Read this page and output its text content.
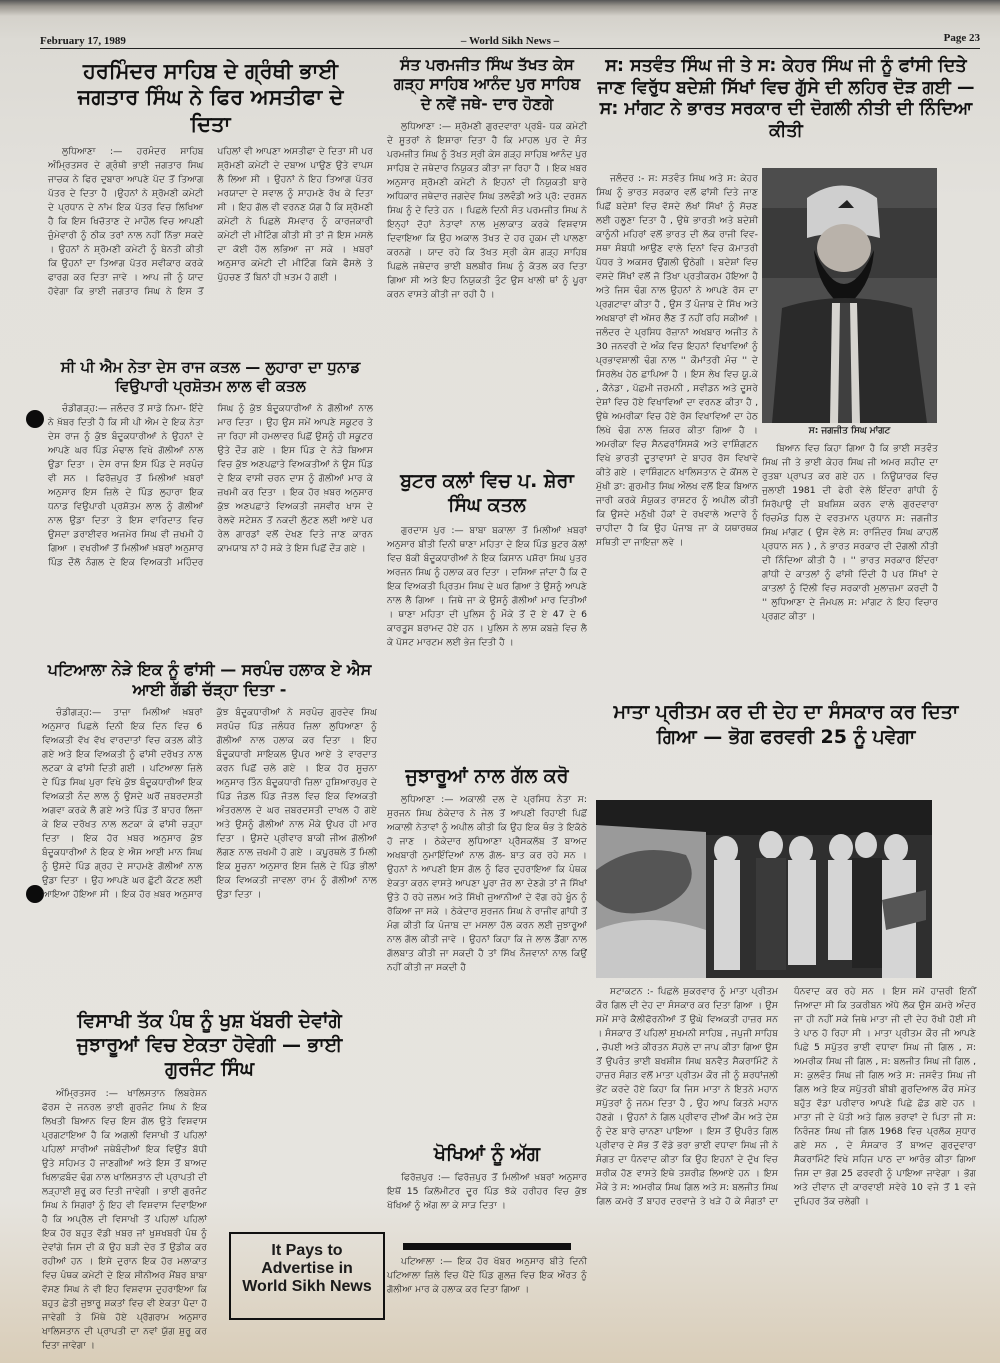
February 17, 1989	– World Sikh News –	Page 23
ਹਰਮਿੰਦਰ ਸਾਹਿਬ ਦੇ ਗ੍ਰੰਥੀ ਭਾਈ ਜਗਤਾਰ ਸਿੰਘ ਨੇ ਫਿਰ ਅਸਤੀਫਾ ਦੇ ਦਿਤਾ

ਲੁਧਿਆਣਾ :— ਹਰਮੰਦਰ ਸਾਹਿਬ ਅੰਮ੍ਰਿਤਸਰ ਦੇ ਗ੍ਰੰਥੀ ਭਾਈ ਜਗਤਾਰ ਸਿਘ ਜਾਚਕ ਨੇ ਫਿਰ ਦੁਬਾਰਾ ਆਪਣੇ ਪੱਦ ਤੋਂ ਤਿਆਗ ਪੱਤਰ ਦੇ ਦਿਤਾ ਹੈ ।ਉਹਨਾਂ ਨੇ ਸ਼੍ਰੋਮਣੀ ਕਮੇਟੀ ਦੇ ਪ੍ਰਧਾਨ ਦੇ ਨਾਂਮ ਇਕ ਪੱਤਰ ਵਿਚ ਲਿਖਿਆ ਹੈ ਕਿ ਇਸ ਖਿਚੋਤਾਣ ਦੇ ਮਾਹੌਲ ਵਿਚ ਆਪਣੀ ਜ਼ੁੰਮੇਵਾਰੀ ਨੂੰ ਠੀਕ ਤਰਾਂ ਨਾਲ ਨਹੀਂ ਨਿੱਭਾ ਸਕਦੇ । ਉਹਨਾਂ ਨੇ ਸ਼੍ਰੋਮਣੀ ਕਮੇਟੀ ਨੂੰ ਬੇਨਤੀ ਕੀਤੀ ਕਿ ਉਹਨਾਂ ਦਾ ਤਿਆਗ ਪੱਤਰ ਸਵੀਕਾਰ ਕਰਕੇ ਫਾਰਗ ਕਰ ਦਿਤਾ ਜਾਵੇ । ਆਪ ਜੀ ਨੂੰ ਯਾਦ ਹੋਵੇਗਾ ਕਿ ਭਾਈ ਜਗਤਾਰ ਸਿਘ ਨੇ ਇਸ ਤੋਂ ਪਹਿਲਾਂ ਵੀ ਆਪਣਾ ਅਸਤੀਫਾ ਦੇ ਦਿਤਾ ਸੀ ਪਰ ਸ਼੍ਰੋਮਣੀ ਕਮੇਟੀ ਦੇ ਦਬਾਅ ਪਾਉਣ ਉਤੇ ਵਾਪਸ ਲੈ ਲਿਆ ਸੀ । ਉਹਨਾਂ ਨੇ ਇਹ ਤਿਆਗ ਪੱਤਰ ਮਰਯਾਦਾ ਦੇ ਸਵਾਲ ਨੂੰ ਸਾਹਮਣੇ ਰੱਖ ਕੇ ਦਿਤਾ ਸੀ । ਇਹ ਗੱਲ ਵੀ ਵਰਨਣ ਯੋਗ ਹੈ ਕਿ ਸ਼੍ਰੋਮਣੀ ਕਮੇਟੀ ਨੇ ਪਿਛਲੇ ਸੋਮਵਾਰ ਨੂੰ ਕਾਰਜਕਾਰੀ ਕਮੇਟੀ ਦੀ ਮੀਟਿੰਗ ਕੀਤੀ ਸੀ ਤਾਂ ਜੋ ਇਸ ਮਸਲੇ ਦਾ ਕੋਈ ਹੱਲ ਲਭਿਆ ਜਾ ਸਕੇ । ਖ਼ਬਰਾਂ ਅਨੁਸਾਰ ਕਮੇਟੀ ਦੀ ਮੀਟਿੰਗ ਕਿਸੇ ਫੈਸਲੇ ਤੇ ਪੁੱਹਚਣ ਤੋਂ ਬਿਨਾਂ ਹੀ ਖ਼ਤਮ ਹੋ ਗਈ ।

ਸੀ ਪੀ ਐਮ ਨੇਤਾ ਦੇਸ ਰਾਜ ਕਤਲ — ਲੁਹਾਰਾ ਦਾ ਧੁਨਾਡ ਵਿਉਪਾਰੀ ਪ੍ਰਸ਼ੋਤਮ ਲਾਲ ਵੀ ਕਤਲ

ਚੰਡੀਗੜ੍ਹ:— ਜਲੰਦਰ ਤੋਂ ਸਾਡੇ ਨਿਮਾ- ਇੰਦੇ ਨੇ ਖ਼ੱਬਰ ਦਿਤੀ ਹੈ ਕਿ ਸੀ ਪੀ ਐਮ ਦੇ ਇਕ ਨੇਤਾ ਦੇਸ ਰਾਜ ਨੂੰ ਕੁੱਝ ਬੰਦੂਕਧਾਰੀਆਂ ਨੇ ਉਹਨਾਂ ਦੇ ਆਪਣੇ ਘਰ ਪਿੰਡ ਮੰਢਾਲ ਵਿਖੇ ਗੋਲੀਆਂ ਨਾਲ ਉਡਾ ਦਿਤਾ । ਦੇਸ ਰਾਜ ਇਸ ਪਿੰਡ ਦੇ ਸਰਪੰਚ ਵੀ ਸਨ । ਫਿਰੋਜ਼ਪੁਰ ਤੋਂ ਮਿਲੀਆਂ ਖ਼ਬਰਾਂ ਅਨੁਸਾਰ ਇਸ ਜ਼ਿਲੇ ਦੇ ਪਿੰਡ ਲੁਹਾਰਾ ਇਕ ਧਨਾਡ ਵਿਉਪਾਰੀ ਪ੍ਰਸ਼ੋਤਮ ਲਾਲ ਨੂੰ ਗੋਲੀਆਂ ਨਾਲ ਉਡਾ ਦਿਤਾ ਤੇ ਇਸ ਵਾਰਿਦਾਤ ਵਿਚ ਉਸਦਾ ਡਰਾਈਵਰ ਅਜਮੇਰ ਸਿਘ ਵੀ ਜ਼ਖਮੀ ਹੋ ਗਿਆ । ਵਖਰੀਆਂ ਤੋਂ ਮਿਲੀਆਂ ਖ਼ਬਰਾਂ ਅਨੁਸਾਰ ਪਿੰਡ ਦੌਲੋ ਨੰਗਲ ਦੇ ਇਕ ਵਿਅਕਤੀ ਮਹਿੰਦਰ ਸਿਘ ਨੂੰ ਕੁੱਝ ਬੰਦੂਕਧਾਰੀਆਂ ਨੇ ਗੋਲੀਆਂ ਨਾਲ ਮਾਰ ਦਿਤਾ । ਉਹ ਉਸ ਸਮੇਂ ਆਪਣੇ ਸਕੂਟਰ ਤੇ ਜਾ ਰਿਹਾ ਸੀ ਹਮਲਾਵਰ ਪਿਛੋਂ ਉਸਨੂੰ ਹੀ ਸਕੂਟਰ ਉਤੇ ਦੌੜ ਗਏ । ਇਸ ਪਿੰਡ ਦੇ ਨੇੜੇ ਬਿਆਸ ਵਿਚ ਕੁੱਝ ਅਣਪਛਾਤੇ ਵਿਅਕਤੀਆਂ ਨੇ ਉਸ ਪਿੰਡ ਦੇ ਇਕ ਵਾਸੀ ਚਰਨ ਦਾਸ ਨੂੰ ਗੋਲੀਆਂ ਮਾਰ ਕੇ ਜ਼ਖਮੀ ਕਰ ਦਿਤਾ । ਇਕ ਹੋਰ ਖ਼ਬਰ ਅਨੁਸਾਰ ਕੁੱਝ ਅਣਪਛਾਤੇ ਵਿਅਕਤੀ ਜਸਵੀਰ ਖਾਸ ਦੇ ਰੇਲਵੇ ਸਟੇਸ਼ਨ ਤੋਂ ਨਕਦੀ ਲੁੱਟਣ ਲਈ ਆਏ ਪਰ ਰੇਲ ਗਾਰਡਾਂ ਵਲੋਂ ਦੇਖਣ ਦਿਤੇ ਜਾਣ ਕਾਰਨ ਕਾਮਯਾਬ ਨਾਂ ਹੋ ਸਕੇ ਤੇ ਇਸ ਪਿਛੋਂ ਦੌੜ ਗਏ ।

ਪਟਿਆਲਾ ਨੇੜੇ ਇਕ ਨੂੰ ਫਾਂਸੀ — ਸਰਪੰਚ ਹਲਾਕ ਏ ਐਸ ਆਈ ਗੱਡੀ ਚੱੜ੍ਹਾ ਦਿਤਾ -

ਚੰਡੀਗੜ੍ਹ:— ਤਾਜ਼ਾ ਮਿਲੀਆਂ ਖ਼ਬਰਾਂ ਅਨੁਸਾਰ ਪਿਛਲੇ ਦਿਨੀ ਇਕ ਦਿਨ ਵਿਚ 6 ਵਿਅਕਤੀ ਵੱਖ ਵੱਖ ਵਾਰਦਾਤਾਂ ਵਿਚ ਕਤਲ ਕੀਤੇ ਗਏ ਅਤੇ ਇਕ ਵਿਅਕਤੀ ਨੂੰ ਫਾਂਸੀ ਦਰੱਖਤ ਨਾਲ ਲਟਕਾ ਕੇ ਫਾਂਸੀ ਦਿਤੀ ਗਈ । ਪਟਿਆਲਾ ਜ਼ਿਲੇ ਦੇ ਪਿੰਡ ਸਿਘ ਪੁਰਾ ਵਿਖੇ ਕੁੱਝ ਬੰਦੂਕਧਾਰੀਆਂ ਇਕ ਵਿਅਕਤੀ ਨੰਦ ਲਾਲ ਨੂੰ ਉਸਦੇ ਘਰੋਂ ਜ਼ਬਰਦਸਤੀ ਅਗਵਾ ਕਰਕੇ ਲੈ ਗਏ ਅਤੇ ਪਿੰਡ ਤੋਂ ਬਾਹਰ ਲਿਜਾ ਕੇ ਇਕ ਦਰੱਖਤ ਨਾਲ ਲਟਕਾ ਕੇ ਫਾਂਸੀ ਚੜ੍ਹਾ ਦਿਤਾ । ਇਕ ਹੋਰ ਖ਼ਬਰ ਅਨੁਸਾਰ ਕੁੱਝ ਬੰਦੂਕਧਾਰੀਆਂ ਨੇ ਇਕ ਏ ਐਸ ਆਈ ਮਾਨ ਸਿਘ ਨੂੰ ਉਸਦੇ ਪਿੰਡ ਗ੍ਰਹ ਦੇ ਸਾਹਮਣੇ ਗੋਲੀਆਂ ਨਾਲ ਉਡਾ ਦਿਤਾ । ਉਹ ਆਪਣੇ ਘਰ ਛੁੱਟੀ ਕੱਟਣ ਲਈ ਆਇਆ ਹੋਇਆ ਸੀ । ਇਕ ਹੋਰ ਖ਼ਬਰ ਅਨੁਸਾਰ ਕੁੱਝ ਬੰਦੂਕਧਾਰੀਆਂ ਨੇ ਸਰਪੰਚ ਗੁਰਦੇਵ ਸਿਘ ਸਰਪੰਚ ਪਿੰਡ ਜਲੰਧਰ ਜ਼ਿਲਾ ਲੁਧਿਆਣਾ ਨੂੰ ਗੋਲੀਆਂ ਨਾਲ ਹਲਾਕ ਕਰ ਦਿਤਾ । ਇਹ ਬੰਦੂਕਧਾਰੀ ਸਾਇਕਲ ਉਪਰ ਆਏ ਤੇ ਵਾਰਦਾਤ ਕਰਨ ਪਿਛੋਂ ਚਲੇ ਗਏ । ਇਕ ਹੋਰ ਸੂਚਨਾ ਅਨੁਸਾਰ ਤਿੰਨ ਬੰਦੂਕਧਾਰੀ ਜ਼ਿਲਾ ਹੁਸ਼ਿਆਰਪੁਰ ਦੇ ਪਿੰਡ ਜੰਡਲ ਪਿੰਡ ਜੋਤਲ ਵਿਚ ਇਕ ਵਿਅਕਤੀ ਅੰਤਰਲਾਲ ਦੇ ਘਰ ਜ਼ਬਰਦਸਤੀ ਦਾਖਲ ਹੋ ਗਏ ਅਤੇ ਉਸਨੂੰ ਗੋਲੀਆਂ ਨਾਲ ਮੌਕੇ ਉਪਰ ਹੀ ਮਾਰ ਦਿਤਾ । ਉਸਦੇ ਪ੍ਰੀਵਾਰ ਬਾਕੀ ਜੀਅ ਗੋਲੀਆਂ ਲੱਗਣ ਨਾਲ ਜ਼ਖਮੀ ਹੋ ਗਏ । ਕਪੂਰਥਲੇ ਤੋਂ ਮਿਲੀ ਇਕ ਸੂਚਨਾ ਅਨੁਸਾਰ ਇਸ ਜ਼ਿਲੇ ਦੇ ਪਿੰਡ ਭੀਲਾਂ ਇਕ ਵਿਅਕਤੀ ਜਾਵਲਾ ਰਾਮ ਨੂੰ ਗੋਲੀਆਂ ਨਾਲ ਉਡਾ ਦਿਤਾ ।

ਵਿਸਾਖੀ ਤੱਕ ਪੰਥ ਨੂੰ ਖੁਸ਼ ਖੱਬਰੀ ਦੇਵਾਂਗੇ ਜੁਝਾਰੂਆਂ ਵਿਚ ਏਕਤਾ ਹੋਵੇਗੀ — ਭਾਈ ਗੁਰਜੰਟ ਸਿੰਘ

ਅੰਮ੍ਰਿਤਸਰ :— ਖਾਲਿਸਤਾਨ ਲਿਬਰੇਸ਼ਨ ਫੋਰਸ ਦੇ ਜਨਰਲ ਭਾਈ ਗੁਰਜੰਟ ਸਿਘ ਨੇ ਇਕ ਲਿਖਤੀ ਬਿਆਨ ਵਿਚ ਇਸ ਗੱਲ ਉਤੇ ਵਿਸ਼ਵਾਸ ਪ੍ਰਗਟਾਇਆ ਹੈ ਕਿ ਅਗਲੀ ਵਿਸਾਖੀ ਤੋਂ ਪਹਿਲਾਂ ਪਹਿਲਾਂ ਸਾਰੀਆਂ ਜਥੇਬੰਦੀਆਂ ਇਕ ਵਿਉਂਤ ਬੱਧੀ ਉਤੇ ਸਹਿਮਤ ਹੋ ਜਾਣਗੀਆਂ ਅਤੇ ਇਸ ਤੋਂ ਬਾਅਦ ਖਿਲਾਫ਼ਬੰਦ ਢੰਗ ਨਾਲ ਖਾਲਿਸਤਾਨ ਦੀ ਪ੍ਰਾਪਤੀ ਦੀ ਲੜ੍ਹਾਈ ਸ਼ੁਰੂ ਕਰ ਦਿਤੀ ਜਾਵੇਗੀ । ਭਾਈ ਗੁਰਜੰਟ ਸਿਘ ਨੇ ਸਿਗਰਾਂ ਨੂੰ ਇਹ ਵੀ ਵਿਸ਼ਵਾਸ ਦਿਵਾਇਆ ਹੈ ਕਿ ਅਪ੍ਰੈਲ ਦੀ ਵਿਸਾਖੀ ਤੋਂ ਪਹਿਲਾਂ ਪਹਿਲਾਂ ਇਕ ਹੋਰ ਬਹੁਤ ਵੱਡੀ ਖ਼ਬਰ ਜਾਂ ਖੁਸ਼ਖਬਰੀ ਪੰਥ ਨੂੰ ਦੇਵਾਂਗੇ ਜਿਸ ਦੀ ਕੋ ਉਹ ਬੜੀ ਦੇਰ ਤੋਂ ਉਡੀਕ ਕਰ ਰਹੀਆਂ ਹਨ । ਇਸੇ ਦੁਰਾਨ ਇਕ ਹੋਰ ਮਲਾਕਾਤ ਵਿਚ ਪੰਥਕ ਕਮੇਟੀ ਦੇ ਇਕ ਸੀਨੀਅਰ ਮੈਂਬਰ ਬਾਬਾ ਵੱਸਣ ਸਿਘ ਨੇ ਵੀ ਇਹ ਵਿਸ਼ਵਾਸ ਦੁਹਰਾਇਆ ਕਿ ਬਹੁਤ ਛੇਤੀ ਜੁਝਾਰੂ ਸ਼ਕਤਾਂ ਵਿਚ ਵੀ ਏਕਤਾ ਪੈਦਾ ਹੋ ਜਾਵੇਗੀ ਤੇ ਮਿੱਥੇ ਹੋਏ ਪ੍ਰੋਗਰਾਮ ਅਨੁਸਾਰ ਖਾਲਿਸਤਾਨ ਦੀ ਪ੍ਰਾਪਤੀ ਦਾ ਨਵਾਂ ਯੁੱਗ ਸ਼ੁਰੂ ਕਰ ਦਿਤਾ ਜਾਵੇਗਾ ।

It Pays to
Advertise in
World Sikh News
ਸੰਤ ਪਰਮਜੀਤ ਸਿੰਘ ਤੱਖਤ ਕੇਸ ਗੜ੍ਹ ਸਾਹਿਬ ਆਨੰਦ ਪੁਰ ਸਾਹਿਬ ਦੇ ਨਵੇਂ ਜਥੇ- ਦਾਰ ਹੋਣਗੇ

ਲੁਧਿਆਣਾ :— ਸ਼੍ਰੋਮਣੀ ਗੁਰਦਵਾਰਾ ਪ੍ਰਬੰ- ਧਕ ਕਮੇਟੀ ਦੇ ਸੂਤਰਾਂ ਨੇ ਇਸ਼ਾਰਾ ਦਿਤਾ ਹੈ ਕਿ ਮਾਹਲ ਪੁਰ ਦੇ ਸੰਤ ਪਰਮਜੀਤ ਸਿਘ ਨੂੰ ਤੱਖਤ ਸ੍ਰੀ ਕੇਸ ਗੜ੍ਹ ਸਾਹਿਬ ਆਨੰਦ ਪੁਰ ਸਾਹਿਬ ਦੇ ਜਥੇਦਾਰ ਨਿਯੁਕਤ ਕੀਤਾ ਜਾ ਰਿਹਾ ਹੈ । ਇਕ ਖ਼ਬਰ ਅਨੁਸਾਰ ਸ਼੍ਰੋਮਣੀ ਕਮੇਟੀ ਨੇ ਇਹਨਾਂ ਦੀ ਨਿਯੁਕਤੀ ਬਾਰੇ ਅਧਿਕਾਰ ਜਥੇਦਾਰ ਜਗਦੇਵ ਸਿਘ ਤਲਵੰਡੀ ਅਤੇ ਪ੍ਰੋ: ਦਰਸ਼ਨ ਸਿਘ ਨੂੰ ਦੇ ਦਿਤੇ ਹਨ । ਪਿਛਲੇ ਦਿਨੀ ਸੰਤ ਪਰਮਜੀਤ ਸਿਘ ਨੇ ਇਨ੍ਹਾਂ ਦੋਹਾਂ ਨੇਤਾਵਾਂ ਨਾਲ ਮੁਲਾਕਾਤ ਕਰਕੇ ਵਿਸ਼ਵਾਸ ਦਿਵਾਇਆ ਕਿ ਉਹ ਅਕਾਲ ਤੱਖਤ ਦੇ ਹਰ ਹੁਕਮ ਦੀ ਪਾਲਣਾ ਕਰਨਗੇ । ਯਾਦ ਰਹੇ ਕਿ ਤੱਖਤ ਸ੍ਰੀ ਕੇਸ ਗੜ੍ਹ ਸਾਹਿਬ ਪਿਛਲੇ ਜਥੇਦਾਰ ਭਾਈ ਬਲਬੀਰ ਸਿਘ ਨੂੰ ਕੱਤਲ ਕਰ ਦਿਤਾ ਗਿਆ ਸੀ ਅਤੇ ਇਹ ਨਿਯੁਕਤੀ ਤੁੰਟ ਉਸ ਖਾਲੀ ਥਾਂ ਨੂੰ ਪੂਰਾ ਕਰਨ ਵਾਸਤੇ ਕੀਤੀ ਜਾ ਰਹੀ ਹੈ ।

ਬੁਟਰ ਕਲਾਂ ਵਿਚ ਪ. ਸ਼ੇਰਾ ਸਿੰਘ ਕਤਲ

ਗੁਰਦਾਸ ਪੁਰ :— ਬਾਬਾ ਬਕਾਲਾ ਤੋਂ ਮਿਲੀਆਂ ਖ਼ਬਰਾਂ ਅਨੁਸਾਰ ਬੀਤੀ ਦਿਨੀ ਥਾਣਾ ਮਹਿਤਾ ਦੇ ਇਕ ਪਿੰਡ ਬੁਟਰ ਕੱਲਾਂ ਵਿਚ ਬੱਕੀ ਬੰਦੂਕਧਾਰੀਆਂ ਨੇ ਇਕ ਕਿਸਾਨ ਪਸ਼ੋਰਾ ਸਿਘ ਪੁਤਰ ਅਰਜਨ ਸਿਘ ਨੂੰ ਹਲਾਕ ਕਰ ਦਿਤਾ । ਦਸਿਆ ਜਾਂਦਾ ਹੈ ਕਿ ਦੋ ਇਕ ਵਿਅਕਤੀ ਪ੍ਰਿਤਮ ਸਿਘ ਦੇ ਘਰ ਗਿਆ ਤੇ ਉਸਨੂੰ ਆਪਣੇ ਨਾਲ ਲੈ ਗਿਆ । ਜਿਥੇ ਜਾ ਕੇ ਉਸਨੂੰ ਗੋਲੀਆਂ ਮਾਰ ਦਿਤੀਆਂ । ਥਾਣਾ ਮਹਿਤਾ ਦੀ ਪੁਲਿਸ ਨੂੰ ਮੌਕੇ ਤੋਂ ਦੋ ਏ 47 ਦੇ 6 ਕਾਰਤੂਸ ਬਰਾਮਦ ਹੋਏ ਹਨ । ਪੁਲਿਸ ਨੇ ਲਾਸ਼ ਕਬਜ਼ੇ ਵਿਚ ਲੈ ਕੇ ਪੋਸਟ ਮਾਰਟਮ ਲਈ ਭੇਜ ਦਿਤੀ ਹੈ ।

ਜੁਝਾਰੂਆਂ ਨਾਲ ਗੱਲ ਕਰੋ

ਲੁਧਿਆਣਾ :— ਅਕਾਲੀ ਦਲ ਦੇ ਪ੍ਰਸਿਧ ਨੇਤਾ ਸ: ਸੁਰਜਨ ਸਿਘ ਠੇਕੇਦਾਰ ਨੇ ਜੇਲ ਤੋਂ ਆਪਣੀ ਰਿਹਾਈ ਪਿਛੋਂ ਅਕਾਲੀ ਨੇਤਾਵਾਂ ਨੂੰ ਅਪੀਲ ਕੀਤੀ ਕਿ ਉਹ ਇਕ ਥੰਭ ਤੇ ਇਕੱਠੇ ਹੋ ਜਾਣ । ਠੇਕੇਦਾਰ ਲੁਧਿਆਣਾ ਪ੍ਰੈਸਕਲੱਬ ਤੋਂ ਬਾਅਦ ਅਖਬਾਰੀ ਨੁਮਾਇੰਦਿਆਂ ਨਾਲ ਗੱਲ- ਬਾਤ ਕਰ ਰਹੇ ਸਨ । ਉਹਨਾਂ ਨੇ ਆਪਣੀ ਇਸ ਗੱਲ ਨੂੰ ਫਿਰ ਦੁਹਰਾਇਆ ਕਿ ਪੰਥਕ ਏਕਤਾ ਕਰਨ ਵਾਸਤੇ ਆਪਣਾ ਪੂਰਾ ਜ਼ੋਰ ਲਾ ਦੇਣਗੇ ਤਾਂ ਜੋ ਸਿੱਖਾਂ ਉਤੇ ਹੋ ਰਹੇ ਜ਼ਲਮ ਅਤੇ ਸਿੱਖੀ ਜੁਆਨੀਆਂ ਦੇ ਵੱਗ ਰਹੇ ਖੂੰਨ ਨੂੰ ਰੋਕਿਆ ਜਾ ਸਕੇ । ਠੇਕੇਦਾਰ ਸੁਰਜਨ ਸਿਘ ਨੇ ਰਾਜੀਵ ਗਾਂਧੀ ਤੋਂ ਮੰਗ ਕੀਤੀ ਕਿ ਪੰਜਾਬ ਦਾ ਮਸਲਾ ਹੱਲ ਕਰਨ ਲਈ ਜੁਝਾਰੂਆਂ ਨਾਲ ਗੱਲ ਕੀਤੀ ਜਾਵੇ । ਉਹਨਾਂ ਕਿਹਾ ਕਿ ਜੇ ਲਾਲ ਡੈਂਗਾ ਨਾਲ ਗੱਲਬਾਤ ਕੀਤੀ ਜਾ ਸਕਦੀ ਹੈ ਤਾਂ ਸਿੱਖ ਨੌਜਵਾਨਾਂ ਨਾਲ ਕਿਉਂ ਨਹੀਂ ਕੀਤੀ ਜਾ ਸਕਦੀ ਹੈ

ਖੋਖਿਆਂ ਨੂੰ ਅੱਗ

ਫਿਰੋਜ਼ਪੁਰ :— ਫਿਰੋਜ਼ਪੁਰ ਤੋਂ ਮਿਲੀਆਂ ਖ਼ਬਰਾਂ ਅਨੁਸਾਰ ਇਥੋਂ 15 ਕਿਲੋਮੀਟਰ ਦੂਰ ਪਿੰਡ ਝੋਕੇ ਹਰੀਹਰ ਵਿਚ ਕੁੱਝ ਖੋਖਿਆਂ ਨੂੰ ਅੱਗ ਲਾ ਕੇ ਸਾੜ ਦਿਤਾ ।

ਪਟਿਆਲਾ :— ਇਕ ਹੋਰ ਖੱਬਰ ਅਨੁਸਾਰ ਬੀਤੇ ਦਿਨੀ ਪਟਿਆਲਾ ਜ਼ਿਲੇ ਵਿਚ ਪੈਂਦੇ ਪਿੰਡ ਗੁਲਜ਼ ਵਿਚ ਇਕ ਔਰਤ ਨੂੰ ਗੋਲੀਆ ਮਾਰ ਕੇ ਹਲਾਕ ਕਰ ਦਿਤਾ ਗਿਆ ।

ਸ: ਸਤਵੰਤ ਸਿੰਘ ਜੀ ਤੇ ਸ: ਕੇਹਰ ਸਿੰਘ ਜੀ ਨੂੰ ਫਾਂਸੀ ਦਿਤੇ ਜਾਣ ਵਿਰੁੱਧ ਬਦੇਸ਼ੀ ਸਿੱਖਾਂ ਵਿਚ ਗੁੱਸੇ ਦੀ ਲਹਿਰ ਦੋੜ ਗਈ — ਸ: ਮਾਂਗਟ ਨੇ ਭਾਰਤ ਸਰਕਾਰ ਦੀ ਦੋਗਲੀ ਨੀਤੀ ਦੀ ਨਿੰਦਿਆ ਕੀਤੀ

ਜਲੰਦਰ :- ਸ: ਸਤਵੰਤ ਸਿਘ ਅਤੇ ਸ: ਕੇਹਰ ਸਿਘ ਨੂੰ ਭਾਰਤ ਸਰਕਾਰ ਵਲੋਂ ਫਾਂਸੀ ਦਿਤੇ ਜਾਣ ਪਿਛੋਂ ਬਦੇਸ਼ਾਂ ਵਿਚ ਵੱਸਦੇ ਲੱਖਾਂ ਸਿੱਖਾਂ ਨੂੰ ਸੋਚਣ ਲਈ ਹਲੂਣਾ ਦਿਤਾ ਹੈ , ਉਥੇ ਭਾਰਤੀ ਅਤੇ ਬਦੇਸ਼ੀ ਕਾਨੂੰਨੀ ਮਹਿਰਾਂ ਵਲੋਂ ਭਾਰਤ ਦੀ ਲੋਕ ਰਾਜੀ ਵਿਵ- ਸਥਾ ਸੰਬਧੀ ਆਉਣ ਵਾਲੇ ਦਿਨਾਂ ਵਿਚ ਕੋਮਾਤਰੀ ਪੱਧਰ ਤੇ ਅਕਸਰ ਉਂਗਲੀ ਉਠੇਗੀ । ਬਦੇਸ਼ਾਂ ਵਿਚ ਵਸਦੇ ਸਿੱਖਾਂ ਵਲੋਂ ਜੋ ਤਿੱਖਾ ਪ੍ਰਤੀਕਰਮ ਹੋਇਆ ਹੈ ਅਤੇ ਜਿਸ ਢੰਗ ਨਾਲ ਉਹਨਾਂ ਨੇ ਆਪਣੇ ਰੋਸ ਦਾ ਪ੍ਰਗਟਾਵਾ ਕੀਤਾ ਹੈ , ਉਸ ਤੋਂ ਪੰਜਾਬ ਦੇ ਸਿੱਖ ਅਤੇ ਅਖਬਾਰਾਂ ਵੀ ਅੱਸਰ ਲੈਣ ਤੋਂ ਨਹੀਂ ਰਹਿ ਸਕੀਆਂ । ਜਲੰਦਰ ਦੇ ਪ੍ਰਸਿਧ ਰੋਜ਼ਾਨਾਂ ਅਖਬਾਰ ਅਜੀਤ ਨੇ 30 ਜਨਵਰੀ ਦੇ ਅੰਕ ਵਿਚ ਇਹਨਾਂ ਵਿਖਾਵਿਆਂ ਨੂੰ ਪ੍ਰਭਾਵਸ਼ਾਲੀ ਢੰਗ ਨਾਲ '' ਕੌਮਾਂਤਰੀ ਮੰਚ '' ਦੇ ਸਿਰਲੇਖ ਹੇਠ ਛਾਪਿਆ ਹੈ । ਇਸ ਲੇਖ ਵਿਚ ਯੂ.ਕੇ , ਕੈਨੇਡਾ , ਪੱਛਮੀ ਜਰਮਨੀ , ਸਵੀਡਨ ਅਤੇ ਦੂਸਰੇ ਦੇਸ਼ਾਂ ਵਿਚ ਹੋਏ ਵਿਖਾਵਿਆਂ ਦਾ ਵਰਨਣ ਕੀਤਾ ਹੈ , ਉਥੇ ਅਮਰੀਕਾ ਵਿਚ ਹੋਏ ਰੋਸ ਵਿਖਾਵਿਆਂ ਦਾ ਹੇਠ ਲਿਖੇ ਢੰਗ ਨਾਲ ਜ਼ਿਕਰ ਕੀਤਾ ਗਿਆ ਹੈ । ਅਮਰੀਕਾ ਵਿਚ ਸੈਨਫਰਾਂਸਿਸਕੋ ਅਤੇ ਵਾਸ਼ਿੰਗਟਨ ਵਿਖੇ ਭਾਰਤੀ ਦੂਤਾਵਾਸਾਂ ਦੇ ਬਾਹਰ ਰੋਸ ਵਿਖਾਵੇ ਕੀਤੇ ਗਏ । ਵਾਸ਼ਿੰਗਟਨ ਖਾਲਿਸਤਾਨ ਦੇ ਕੋਂਸਲ ਦੇ ਮੁੱਖੀ ਡਾ: ਗੁਰਮੀਤ ਸਿਘ ਔਲਖ ਵਲੋਂ ਇਕ ਬਿਆਨ ਜਾਰੀ ਕਰਕੇ ਸੰਯੁਕਤ ਰਾਸ਼ਟਰ ਨੂੰ ਅਪੀਲ ਕੀਤੀ ਕਿ ਉਸਦੇ ਮਨੁੱਖੀ ਹੱਕਾਂ ਦੇ ਰਖਵਾਲੇ ਅਦਾਰੇ ਨੂੰ ਚਾਹੀਦਾ ਹੈ ਕਿ ਉਹ ਪੰਜਾਬ ਜਾ ਕੇ ਯਥਾਰਥਕ ਸਥਿਤੀ ਦਾ ਜਾਇਜ਼ਾ ਲਵੇ ।

ਸ: ਜਗਜੀਤ ਸਿਘ ਮਾਂਗਟ

ਬਿਆਨ ਵਿਚ ਕਿਹਾ ਗਿਆ ਹੈ ਕਿ ਭਾਈ ਸਤਵੰਤ ਸਿਘ ਜੀ ਤੇ ਭਾਈ ਕੇਹਰ ਸਿਘ ਜੀ ਅਮਰ ਸ਼ਹੀਦ ਦਾ ਰੁਤਬਾ ਪ੍ਰਾਪਤ ਕਰ ਗਏ ਹਨ । ਨਿਊਯਾਰਕ ਵਿਚ ਜੁਲਾਈ 1981 ਦੀ ਫੇਰੀ ਵੇਲੇ ਇੰਦਰਾ ਗਾਂਧੀ ਨੂੰ ਸਿਰੋਪਾਉ ਦੀ ਬਖਸ਼ਿਸ਼ ਕਰਨ ਵਾਲੇ ਗੁਰਦਵਾਰਾ ਰਿਚਮੰਡ ਹਿਲ ਦੇ ਵਰਤਮਾਨ ਪ੍ਰਧਾਨ ਸ: ਜਗਜੀਤ ਸਿਘ ਮਾਂਗਟ ( ਉਸ ਵੇਲੇ ਸ: ਰਾਜਿੰਦਰ ਸਿਘ ਕਾਹਲੋਂ ਪ੍ਰਧਾਨ ਸਨ ) , ਨੇ ਭਾਰਤ ਸਰਕਾਰ ਦੀ ਦੋਗਲੀ ਨੀਤੀ ਦੀ ਨਿੰਦਿਆ ਕੀਤੀ ਹੈ । '' ਭਾਰਤ ਸਰਕਾਰ ਇੰਦਰਾ ਗਾਂਧੀ ਦੇ ਕਾਤਲਾਂ ਨੂੰ ਫਾਂਸੀ ਦਿੰਦੀ ਹੈ ਪਰ ਸਿੱਖਾਂ ਦੇ ਕਾਤਲਾਂ ਨੂੰ ਦਿੱਲੀ ਵਿਚ ਸਰਕਾਰੀ ਮੁਲਾਜ਼ਮਾ ਕਰਦੀ ਹੈ '' ਲੁਧਿਆਣਾ ਦੇ ਜੰਮਪਲ ਸ: ਮਾਂਗਟ ਨੇ ਇਹ ਵਿਚਾਰ ਪ੍ਰਗਟ ਕੀਤਾ ।

ਮਾਤਾ ਪ੍ਰੀਤਮ ਕਰ ਦੀ ਦੇਹ ਦਾ ਸੰਸਕਾਰ ਕਰ ਦਿਤਾ ਗਿਆ — ਭੋਗ ਫਰਵਰੀ 25 ਨੂੰ ਪਵੇਗਾ

ਸਟਾਕਟਨ :- ਪਿਛਲੇ ਸ਼ੁਕਰਵਾਰ ਨੂੰ ਮਾਤਾ ਪ੍ਰੀਤਮ ਕੌਰ ਗਿਲ ਦੀ ਦੇਹ ਦਾ ਸੰਸਕਾਰ ਕਰ ਦਿਤਾ ਗਿਆ । ਉਸ ਸਮੇਂ ਸਾਰੇ ਕੈਲੀਫੋਰਨੀਆਂ ਤੋਂ ਉਘੇ ਵਿਅਕਤੀ ਹਾਜ਼ਰ ਸਨ । ਸੰਸਕਾਰ ਤੋਂ ਪਹਿਲਾਂ ਸੁਖਮਨੀ ਸਾਹਿਬ , ਜਪੁਜੀ ਸਾਹਿਬ , ਚੋਪਈ ਅਤੇ ਕੀਰਤਨ ਸੋਹਲੇ ਦਾ ਜਾਪ ਕੀਤਾ ਗਿਆ ਉਸ ਤੋਂ ਉਪਰੰਤ ਭਾਈ ਬਖਸ਼ੀਸ਼ ਸਿਘ ਬਨਵੈਤ ਸੈਕਰਾਮਿੰਟੋ ਨੇ ਹਾਜ਼ਰ ਸੰਗਤ ਵਲੋਂ ਮਾਤਾ ਪ੍ਰੀਤਮ ਕੌਰ ਜੀ ਨੂੰ ਸ਼ਰਧਾਂਜਲੀ ਭੇਂਟ ਕਰਦੇ ਹੋਏ ਕਿਹਾ ਕਿ ਜਿਸ ਮਾਤਾ ਨੇ ਇਤਨੇ ਮਹਾਨ ਸਪੁੱਤਰਾਂ ਨੂੰ ਜਨਮ ਦਿਤਾ ਹੈ , ਉਹ ਆਪ ਕਿਤਨੇ ਮਹਾਨ ਹੋਣਗੇ । ਉਹਨਾਂ ਨੇ ਗਿਲ ਪ੍ਰੀਵਾਰ ਦੀਆਂ ਕੌਮ ਅਤੇ ਦੇਸ਼ ਨੂੰ ਦੇਣ ਬਾਰੇ ਚਾਨਣਾ ਪਾਇਆ । ਇਸ ਤੋਂ ਉਪਰੰਤ ਗਿਲ ਪ੍ਰੀਵਾਰ ਦੇ ਸੱਭ ਤੋਂ ਵੱਡੇ ਭਰਾ ਭਾਈ ਵਧਾਵਾ ਸਿਘ ਜੀ ਨੇ ਸੰਗਤ ਦਾ ਧੰਨਵਾਦ ਕੀਤਾ ਕਿ ਉਹ ਇਹਨਾਂ ਦੇ ਦੁੱਖ ਵਿਚ ਸ਼ਰੀਕ ਹੋਣ ਵਾਸਤੇ ਇਥੇ ਤਸ਼ਰੀਫ਼ ਲਿਆਏ ਹਨ । ਇਸ ਮੌਕੇ ਤੇ ਸ: ਅਮਰੀਕ ਸਿਘ ਗਿਲ ਅਤੇ ਸ: ਬਲਜੀਤ ਸਿਘ ਗਿਲ ਕਮਰੇ ਤੋਂ ਬਾਹਰ ਦਰਵਾਜ਼ੇ ਤੇ ਖੜੇ ਹੋ ਕੇ ਸੰਗਤਾਂ ਦਾ ਧੰਨਵਾਦ ਕਰ ਰਹੇ ਸਨ । ਇਸ ਸਮੇਂ ਹਾਜ਼ਰੀ ਇਨੀਂ ਜਿਆਦਾ ਸੀ ਕਿ ਤਕਰੀਬਨ ਅੱਧੇ ਲੋਕ ਉਸ ਕਮਰੇ ਅੰਦਰ ਜਾ ਹੀ ਨਹੀਂ ਸਕੇ ਜਿਥੇ ਮਾਤਾ ਜੀ ਦੀ ਦੇਹ ਰੱਖੀ ਹੋਈ ਸੀ ਤੇ ਪਾਠ ਹੋ ਰਿਹਾ ਸੀ । ਮਾਤਾ ਪ੍ਰੀਤਮ ਕੌਰ ਜੀ ਆਪਣੇ ਪਿਛੇ 5 ਸਪੁੱਤਰ ਭਾਈ ਵਧਾਵਾ ਸਿਘ ਜੀ ਗਿਲ , ਸ: ਅਮਰੀਕ ਸਿਘ ਜੀ ਗਿਲ , ਸ: ਬਲਜੀਤ ਸਿਘ ਜੀ ਗਿਲ , ਸ: ਕੁਲਵੰਤ ਸਿਘ ਜੀ ਗਿਲ ਅਤੇ ਸ: ਜਸਵੰਤ ਸਿਘ ਜੀ ਗਿਲ ਅਤੇ ਇਕ ਸਪੁੱਤਰੀ ਬੀਬੀ ਗੁਰਦਿਆਲ ਕੌਰ ਸਮੇਤ ਬਹੁੱਤ ਵੱਡਾ ਪਰੀਵਾਰ ਆਪਣੇ ਪਿਛੇ ਛੱਡ ਗਏ ਹਨ । ਮਾਤਾ ਜੀ ਦੇ ਪੱਤੀ ਅਤੇ ਗਿਲ ਭਰਾਵਾਂ ਦੇ ਪਿਤਾ ਜੀ ਸ: ਨਿਰੰਜਣ ਸਿਘ ਜੀ ਗਿਲ 1968 ਵਿਚ ਪ੍ਰਲੋਕ ਸੁਧਾਰ ਗਏ ਸਨ , ਦੇ ਸੰਸਕਾਰ ਤੋਂ ਬਾਅਦ ਗੁਰਦੁਵਾਰਾ ਸੈਕਰਾਮਿੰਟੋ ਵਿਖੇ ਸਹਿਜ ਪਾਠ ਦਾ ਆਰੰਭ ਕੀਤਾ ਗਿਆ ਜਿਸ ਦਾ ਭੋਗ 25 ਫਰਵਰੀ ਨੂੰ ਪਾਇਆ ਜਾਵੇਗਾ । ਭੋਗ ਅਤੇ ਦੀਵਾਨ ਦੀ ਕਾਰਵਾਈ ਸਵੇਰੇ 10 ਵਜੇ ਤੋਂ 1 ਵਜੇ ਦੁਪਿਹਰ ਤੱਕ ਚਲੇਗੀ ।
